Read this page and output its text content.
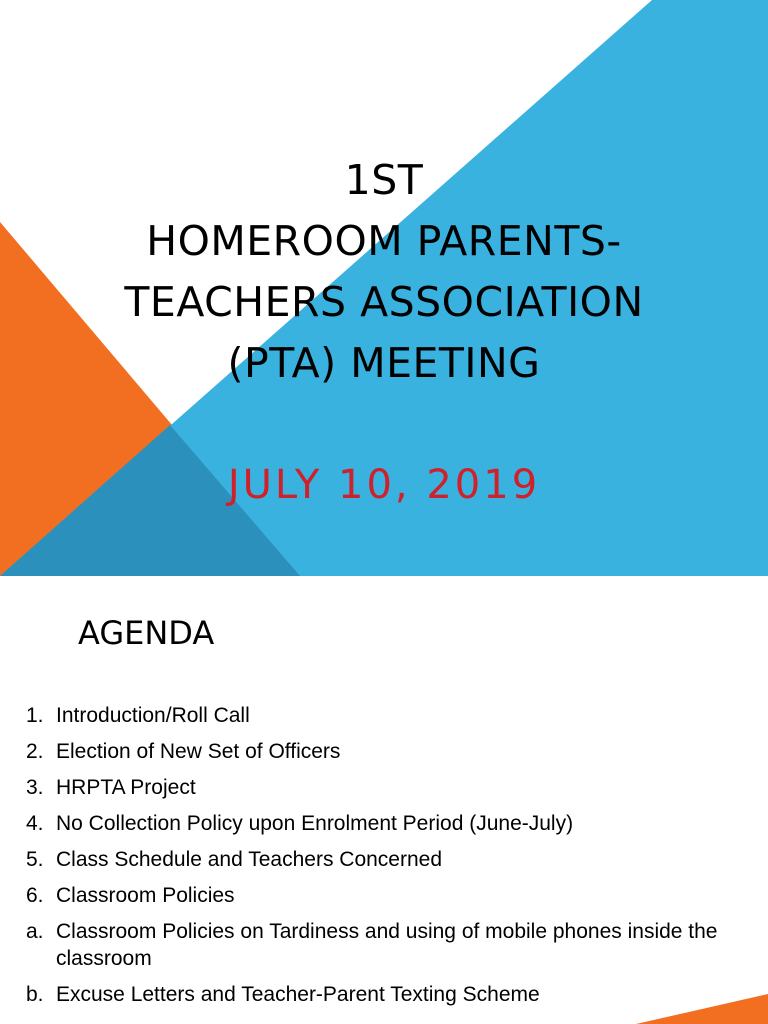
1ST
HOMEROOM PARENTS-
TEACHERS ASSOCIATION
(PTA) MEETING
JULY 10, 2019
AGENDA
1. Introduction/Roll Call
2. Election of New Set of Officers
3. HRPTA Project
4. No Collection Policy upon Enrolment Period (June-July)
5. Class Schedule and Teachers Concerned
6. Classroom Policies
a. Classroom Policies on Tardiness and using of mobile phones inside the classroom
b. Excuse Letters and Teacher-Parent Texting Scheme
